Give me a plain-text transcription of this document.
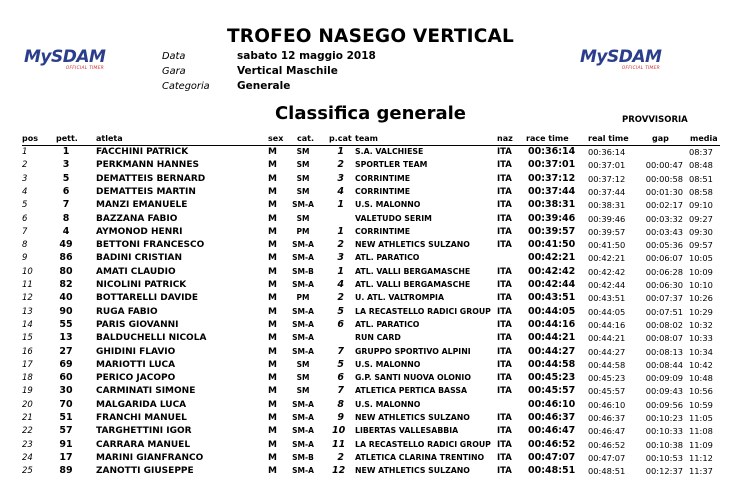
TROFEO NASEGO VERTICAL
MySDAM
OFFICIAL TIMER
MySDAM
OFFICIAL TIMER
Data	sabato 12 maggio 2018
Gara	Vertical Maschile
Categoria	Generale
Classifica generale	PROVVISORIA
pos pett. atleta	sex cat. p.cat team	naz race time real time	gap	media
1	1	FACCHINI PATRICK	M	SM	1 S.A. VALCHIESE	ITA 00:36:14 00:36:14	08:37
2	3	PERKMANN HANNES	M	SM	2 SPORTLER TEAM	ITA 00:37:01 00:37:01	00:00:47 08:48
3	5	DEMATTEIS BERNARD	M	SM	3 CORRINTIME	ITA 00:37:12 00:37:12	00:00:58 08:51
4	6	DEMATTEIS MARTIN	M	SM	4 CORRINTIME	ITA 00:37:44 00:37:44	00:01:30 08:58
5	7	MANZI EMANUELE	M	SM-A	1 U.S. MALONNO	ITA 00:38:31 00:38:31	00:02:17 09:10
6	8	BAZZANA FABIO	M	SM	VALETUDO SERIM	ITA 00:39:46 00:39:46	00:03:32 09:27
7	4	AYMONOD HENRI	M	PM	1 CORRINTIME	ITA 00:39:57 00:39:57	00:03:43 09:30
8	49	BETTONI FRANCESCO	M	SM-A	2 NEW ATHLETICS SULZANO	ITA 00:41:50 00:41:50	00:05:36 09:57
9	86	BADINI CRISTIAN	M	SM-A	3 ATL. PARATICO	00:42:21 00:42:21	00:06:07 10:05
10	80	AMATI CLAUDIO	M	SM-B	1 ATL. VALLI BERGAMASCHE	ITA 00:42:42 00:42:42	00:06:28 10:09
11	82	NICOLINI PATRICK	M	SM-A	4 ATL. VALLI BERGAMASCHE	ITA 00:42:44 00:42:44	00:06:30 10:10
12	40	BOTTARELLI DAVIDE	M	PM	2 U. ATL. VALTROMPIA	ITA 00:43:51 00:43:51	00:07:37 10:26
13	90	RUGA FABIO	M	SM-A	5 LA RECASTELLO RADICI GROUP ITA 00:44:05 00:44:05	00:07:51 10:29
14	55	PARIS GIOVANNI	M	SM-A	6 ATL. PARATICO	ITA 00:44:16 00:44:16	00:08:02 10:32
15	13	BALDUCHELLI NICOLA	M	SM-A	RUN CARD	ITA 00:44:21 00:44:21	00:08:07 10:33
16	27	GHIDINI FLAVIO	M	SM-A	7 GRUPPO SPORTIVO ALPINI	ITA 00:44:27 00:44:27	00:08:13 10:34
17	69	MARIOTTI LUCA	M	SM	5 U.S. MALONNO	ITA 00:44:58 00:44:58	00:08:44 10:42
18	60	PERICO JACOPO	M	SM	6 G.P. SANTI NUOVA OLONIO	ITA 00:45:23 00:45:23	00:09:09 10:48
19	30	CARMINATI SIMONE	M	SM	7 ATLETICA PERTICA BASSA	ITA 00:45:57 00:45:57	00:09:43 10:56
20	70	MALGARIDA LUCA	M	SM-A	8 U.S. MALONNO	00:46:10 00:46:10	00:09:56 10:59
21	51	FRANCHI MANUEL	M	SM-A	9 NEW ATHLETICS SULZANO	ITA 00:46:37 00:46:37	00:10:23 11:05
22	57	TARGHETTINI IGOR	M	SM-A	10 LIBERTAS VALLESABBIA	ITA 00:46:47 00:46:47	00:10:33 11:08
23	91	CARRARA MANUEL	M	SM-A	11 LA RECASTELLO RADICI GROUP ITA 00:46:52 00:46:52	00:10:38 11:09
24	17	MARINI GIANFRANCO	M	SM-B	2 ATLETICA CLARINA TRENTINO ITA 00:47:07 00:47:07	00:10:53 11:12
25	89	ZANOTTI GIUSEPPE	M	SM-A	12 NEW ATHLETICS SULZANO	ITA 00:48:51 00:48:51	00:12:37 11:37
